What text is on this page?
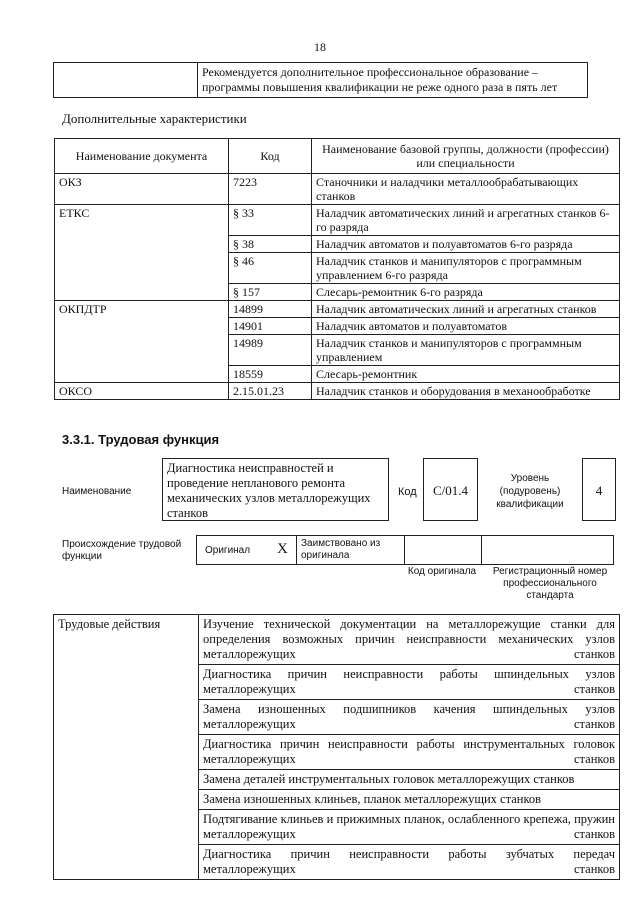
18
	Рекомендуется дополнительное профессиональное образование – программы повышения квалификации не реже одного раза в пять лет
Дополнительные характеристики
Наименование документа	Код	Наименование базовой группы, должности (профессии) или специальности
ОКЗ	7223	Станочники и наладчики металлообрабатывающих станков
ЕТКС	§ 33	Наладчик автоматических линий и агрегатных станков 6-го разряда
	§ 38	Наладчик автоматов и полуавтоматов 6-го разряда
	§ 46	Наладчик станков и манипуляторов с программным управлением 6-го разряда
	§ 157	Слесарь-ремонтник 6-го разряда
ОКПДТР	14899	Наладчик автоматических линий и агрегатных станков
	14901	Наладчик автоматов и полуавтоматов
	14989	Наладчик станков и манипуляторов с программным управлением
	18559	Слесарь-ремонтник
ОКСО	2.15.01.23	Наладчик станков и оборудования в механообработке
3.3.1. Трудовая функция
Наименование
Диагностика неисправностей и проведение непланового ремонта механических узлов металлорежущих станков
Код	C/01.4
Уровень (подуровень) квалификации
4
Происхождение трудовой функции
Оригинал X Заимствовано из оригинала
Код оригинала	Регистрационный номер профессионального стандарта
Трудовые действия	Изучение технической документации на металлорежущие станки для определения возможных причин неисправности механических узлов металлорежущих станков

Диагностика причин неисправности работы шпиндельных узлов металлорежущих станков

Замена изношенных подшипников качения шпиндельных узлов металлорежущих станков

Диагностика причин неисправности работы инструментальных головок металлорежущих станков

Замена деталей инструментальных головок металлорежущих станков

Замена изношенных клиньев, планок металлорежущих станков

Подтягивание клиньев и прижимных планок, ослабленного крепежа, пружин металлорежущих станков

Диагностика причин неисправности работы зубчатых передач металлорежущих станков
